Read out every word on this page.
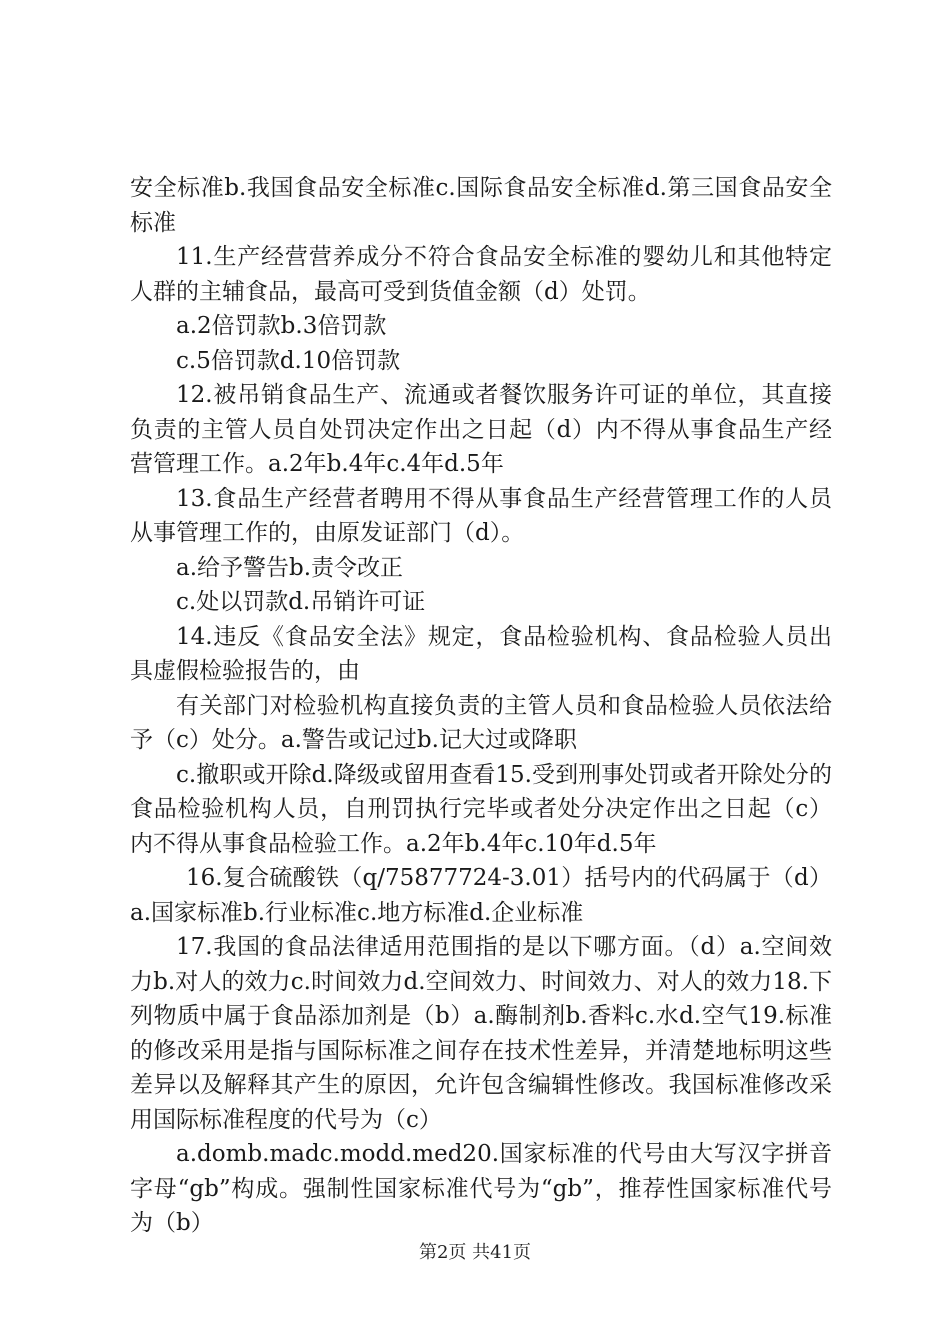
安全标准b.我国食品安全标准c.国际食品安全标准d.第三国食品安全标准

11.生产经营营养成分不符合食品安全标准的婴幼儿和其他特定人群的主辅食品，最高可受到货值金额（d）处罚。

a.2倍罚款b.3倍罚款

c.5倍罚款d.10倍罚款

12.被吊销食品生产、流通或者餐饮服务许可证的单位，其直接负责的主管人员自处罚决定作出之日起（d）内不得从事食品生产经营管理工作。a.2年b.4年c.4年d.5年

13.食品生产经营者聘用不得从事食品生产经营管理工作的人员从事管理工作的，由原发证部门（d）。

a.给予警告b.责令改正

c.处以罚款d.吊销许可证

14.违反《食品安全法》规定，食品检验机构、食品检验人员出具虚假检验报告的，由

有关部门对检验机构直接负责的主管人员和食品检验人员依法给予（c）处分。a.警告或记过b.记大过或降职

c.撤职或开除d.降级或留用查看15.受到刑事处罚或者开除处分的食品检验机构人员，自刑罚执行完毕或者处分决定作出之日起（c）内不得从事食品检验工作。a.2年b.4年c.10年d.5年

16.复合硫酸铁（q/75877724-3.01）括号内的代码属于（d）a.国家标准b.行业标准c.地方标准d.企业标准

17.我国的食品法律适用范围指的是以下哪方面。（d）a.空间效力b.对人的效力c.时间效力d.空间效力、时间效力、对人的效力18.下列物质中属于食品添加剂是（b）a.酶制剂b.香料c.水d.空气19.标准的修改采用是指与国际标准之间存在技术性差异，并清楚地标明这些差异以及解释其产生的原因，允许包含编辑性修改。我国标准修改采用国际标准程度的代号为（c）

a.domb.madc.modd.med20.国家标准的代号由大写汉字拼音字母“gb”构成。强制性国家标准代号为“gb”，推荐性国家标准代号为（b）

第2页 共41页
